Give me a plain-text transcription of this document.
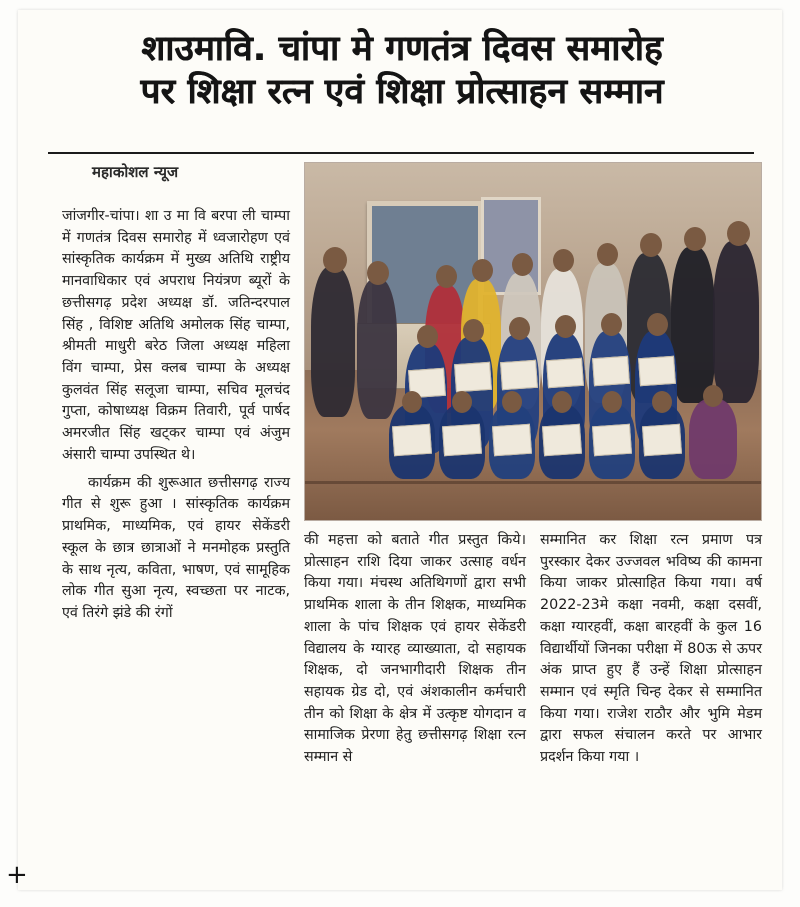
शाउमावि. चांपा मे गणतंत्र दिवस समारोह
पर शिक्षा रत्न एवं शिक्षा प्रोत्साहन सम्मान
महाकोशल न्यूज

जांजगीर-चांपा। शा उ मा वि बरपा ली चाम्पा में गणतंत्र दिवस समारोह में ध्वजारोहण एवं सांस्कृतिक कार्यक्रम में मुख्य अतिथि राष्ट्रीय मानवाधिकार एवं अपराध नियंत्रण ब्यूरों के छत्तीसगढ़ प्रदेश अध्यक्ष डॉ. जतिन्दरपाल सिंह , विशिष्ट अतिथि अमोलक सिंह चाम्पा, श्रीमती माधुरी बरेठ जिला अध्यक्ष महिला विंग चाम्पा, प्रेस क्लब चाम्पा के अध्यक्ष कुलवंत सिंह सलूजा चाम्पा, सचिव मूलचंद गुप्ता, कोषाध्यक्ष विक्रम तिवारी, पूर्व पार्षद अमरजीत सिंह खट्कर चाम्पा एवं अंजुम अंसारी चाम्पा उपस्थित थे।

कार्यक्रम की शुरूआत छत्तीसगढ़ राज्य गीत से शुरू हुआ । सांस्कृतिक कार्यक्रम प्राथमिक, माध्यमिक, एवं हायर सेकेंडरी स्कूल के छात्र छात्राओं ने मनमोहक प्रस्तुति के साथ नृत्य, कविता, भाषण, एवं सामूहिक लोक गीत सुआ नृत्य, स्वच्छता पर नाटक, एवं तिरंगे झंडे की रंगों

की महत्ता को बताते गीत प्रस्तुत किये। प्रोत्साहन राशि दिया जाकर उत्साह वर्धन किया गया। मंचस्थ अतिथिगणों द्वारा सभी प्राथमिक शाला के तीन शिक्षक, माध्यमिक शाला के पांच शिक्षक एवं हायर सेकेंडरी विद्यालय के ग्यारह व्याख्याता, दो सहायक शिक्षक, दो जनभागीदारी शिक्षक तीन सहायक ग्रेड दो, एवं अंशकालीन कर्मचारी तीन को शिक्षा के क्षेत्र में उत्कृष्ट योगदान व सामाजिक प्रेरणा हेतु छत्तीसगढ़ शिक्षा रत्न सम्मान से

सम्मानित कर शिक्षा रत्न प्रमाण पत्र पुरस्कार देकर उज्जवल भविष्य की कामना किया जाकर प्रोत्साहित किया गया। वर्ष 2022-23मे कक्षा नवमी, कक्षा दसवीं, कक्षा ग्यारहवीं, कक्षा बारहवीं के कुल 16 विद्यार्थीयों जिनका परीक्षा में 80ऊ से ऊपर अंक प्राप्त हुए हैं उन्हें शिक्षा प्रोत्साहन सम्मान एवं स्मृति चिन्ह देकर से सम्मानित किया गया। राजेश राठौर और भुमि मेडम द्वारा सफल संचालन करते पर आभार प्रदर्शन किया गया ।

+
